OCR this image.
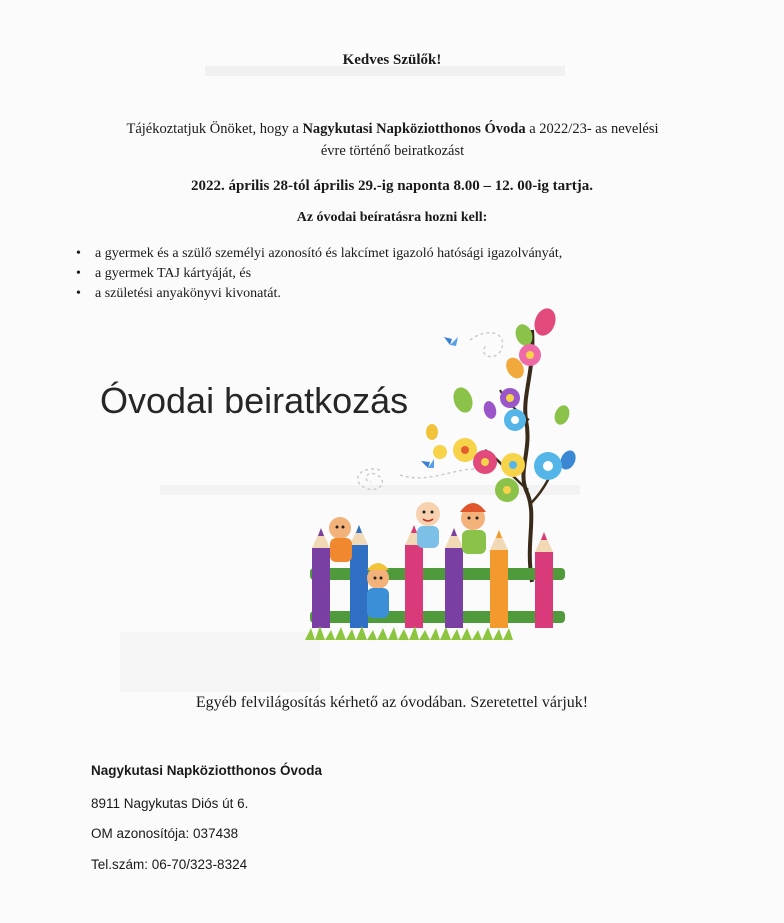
Kedves Szülők!
Tájékoztatjuk Önöket, hogy a Nagykutasi Napköziotthonos Óvoda a 2022/23- as nevelési
évre történő beiratkozást
2022. április 28-tól április 29.-ig naponta 8.00 – 12. 00-ig tartja.
Az óvodai beíratásra hozni kell:
• a gyermek és a szülő személyi azonosító és lakcímet igazoló hatósági igazolványát,
• a gyermek TAJ kártyáját, és
• a születési anyakönyvi kivonatát.
Óvodai beiratkozás
Egyéb felvilágosítás kérhető az óvodában. Szeretettel várjuk!
Nagykutasi Napköziotthonos Óvoda
8911 Nagykutas Diós út 6.
OM azonosítója: 037438
Tel.szám: 06-70/323-8324
